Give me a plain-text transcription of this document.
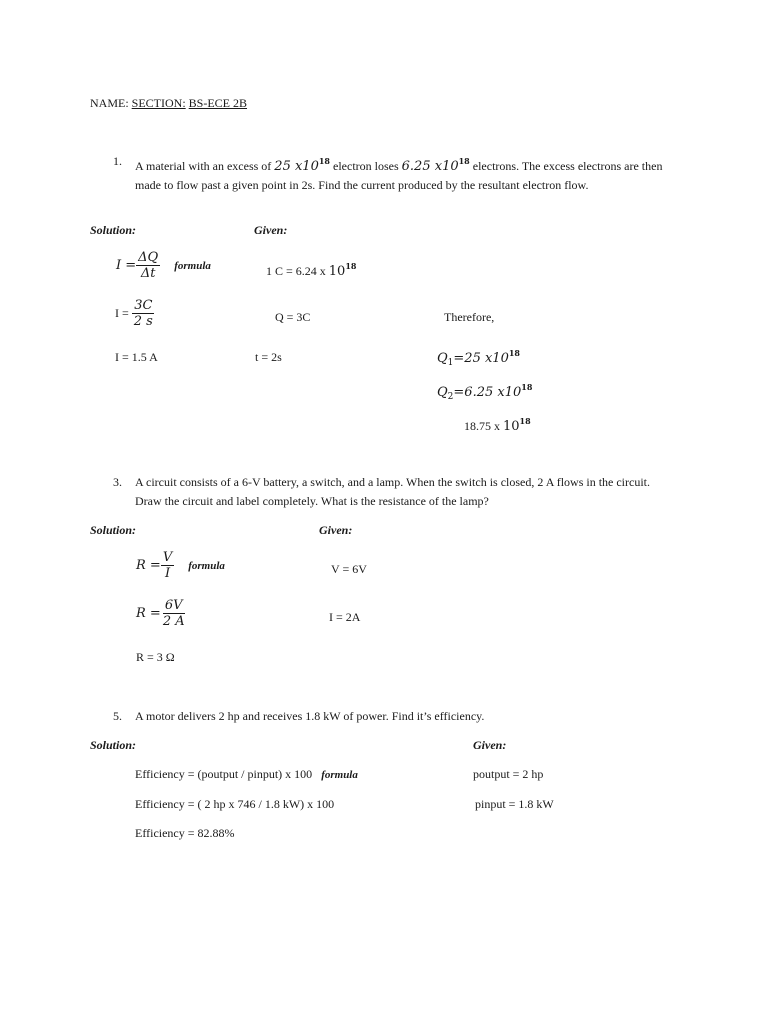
NAME: SECTION: BS-ECE 2B
1. A material with an excess of 25 $x10^{18}$ electron loses 6.25 $x10^{18}$ electrons. The excess electrons are then made to flow past a given point in 2s. Find the current produced by the resultant electron flow.
Solution:	Given:
$I = \frac{\Delta Q}{\Delta t}$ formula	1 C = 6.24 x $10^{18}$
$I = \frac{3C}{2 s}$	Q = 3C	Therefore,
I = 1.5 A	t = 2s	$Q_1=25$ $x10^{18}$
$Q_2=6.25$ $x10^{18}$
18.75 x $10^{18}$
3. A circuit consists of a 6-V battery, a switch, and a lamp. When the switch is closed, 2 A flows in the circuit. Draw the circuit and label completely. What is the resistance of the lamp?
Solution:	Given:
$R = \frac{V}{I}$ formula	V = 6V
$R = \frac{6V}{2 A}$	I = 2A
R = 3 Ω
5. A motor delivers 2 hp and receives 1.8 kW of power. Find it’s efficiency.
Solution:	Given:
Efficiency = (poutput / pinput) x 100 formula	poutput = 2 hp
Efficiency = ( 2 hp x 746 / 1.8 kW) x 100	pinput = 1.8 kW
Efficiency = 82.88%
